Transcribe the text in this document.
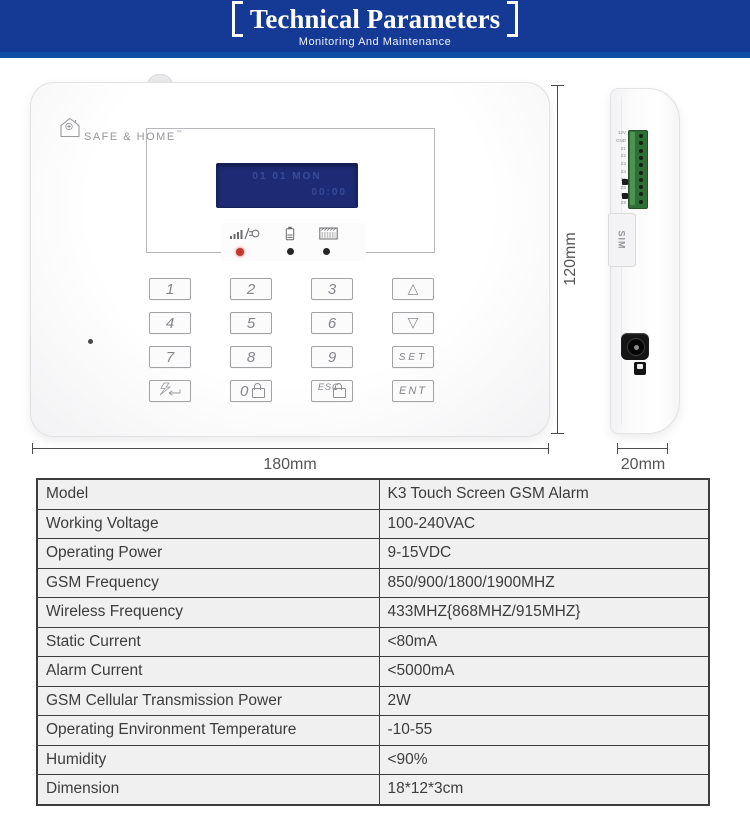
Technical Parameters
Monitoring And Maintenance
SAFE & HOME ™
01 01 MON
00:00
1	2	3	△
4	5	6	▽
7	8	9	SET
0	ESC	ENT
120mm
180mm
12V
GND
Z1
Z2
Z3
Z4
Z6
Z8
SIM
20mm
Model	K3 Touch Screen GSM Alarm
Working Voltage	100-240VAC
Operating Power	9-15VDC
GSM Frequency	850/900/1800/1900MHZ
Wireless Frequency	433MHZ{868MHZ/915MHZ}
Static Current	<80mA
Alarm Current	<5000mA
GSM Cellular Transmission Power	2W
Operating Environment Temperature	-10-55
Humidity	<90%
Dimension	18*12*3cm
